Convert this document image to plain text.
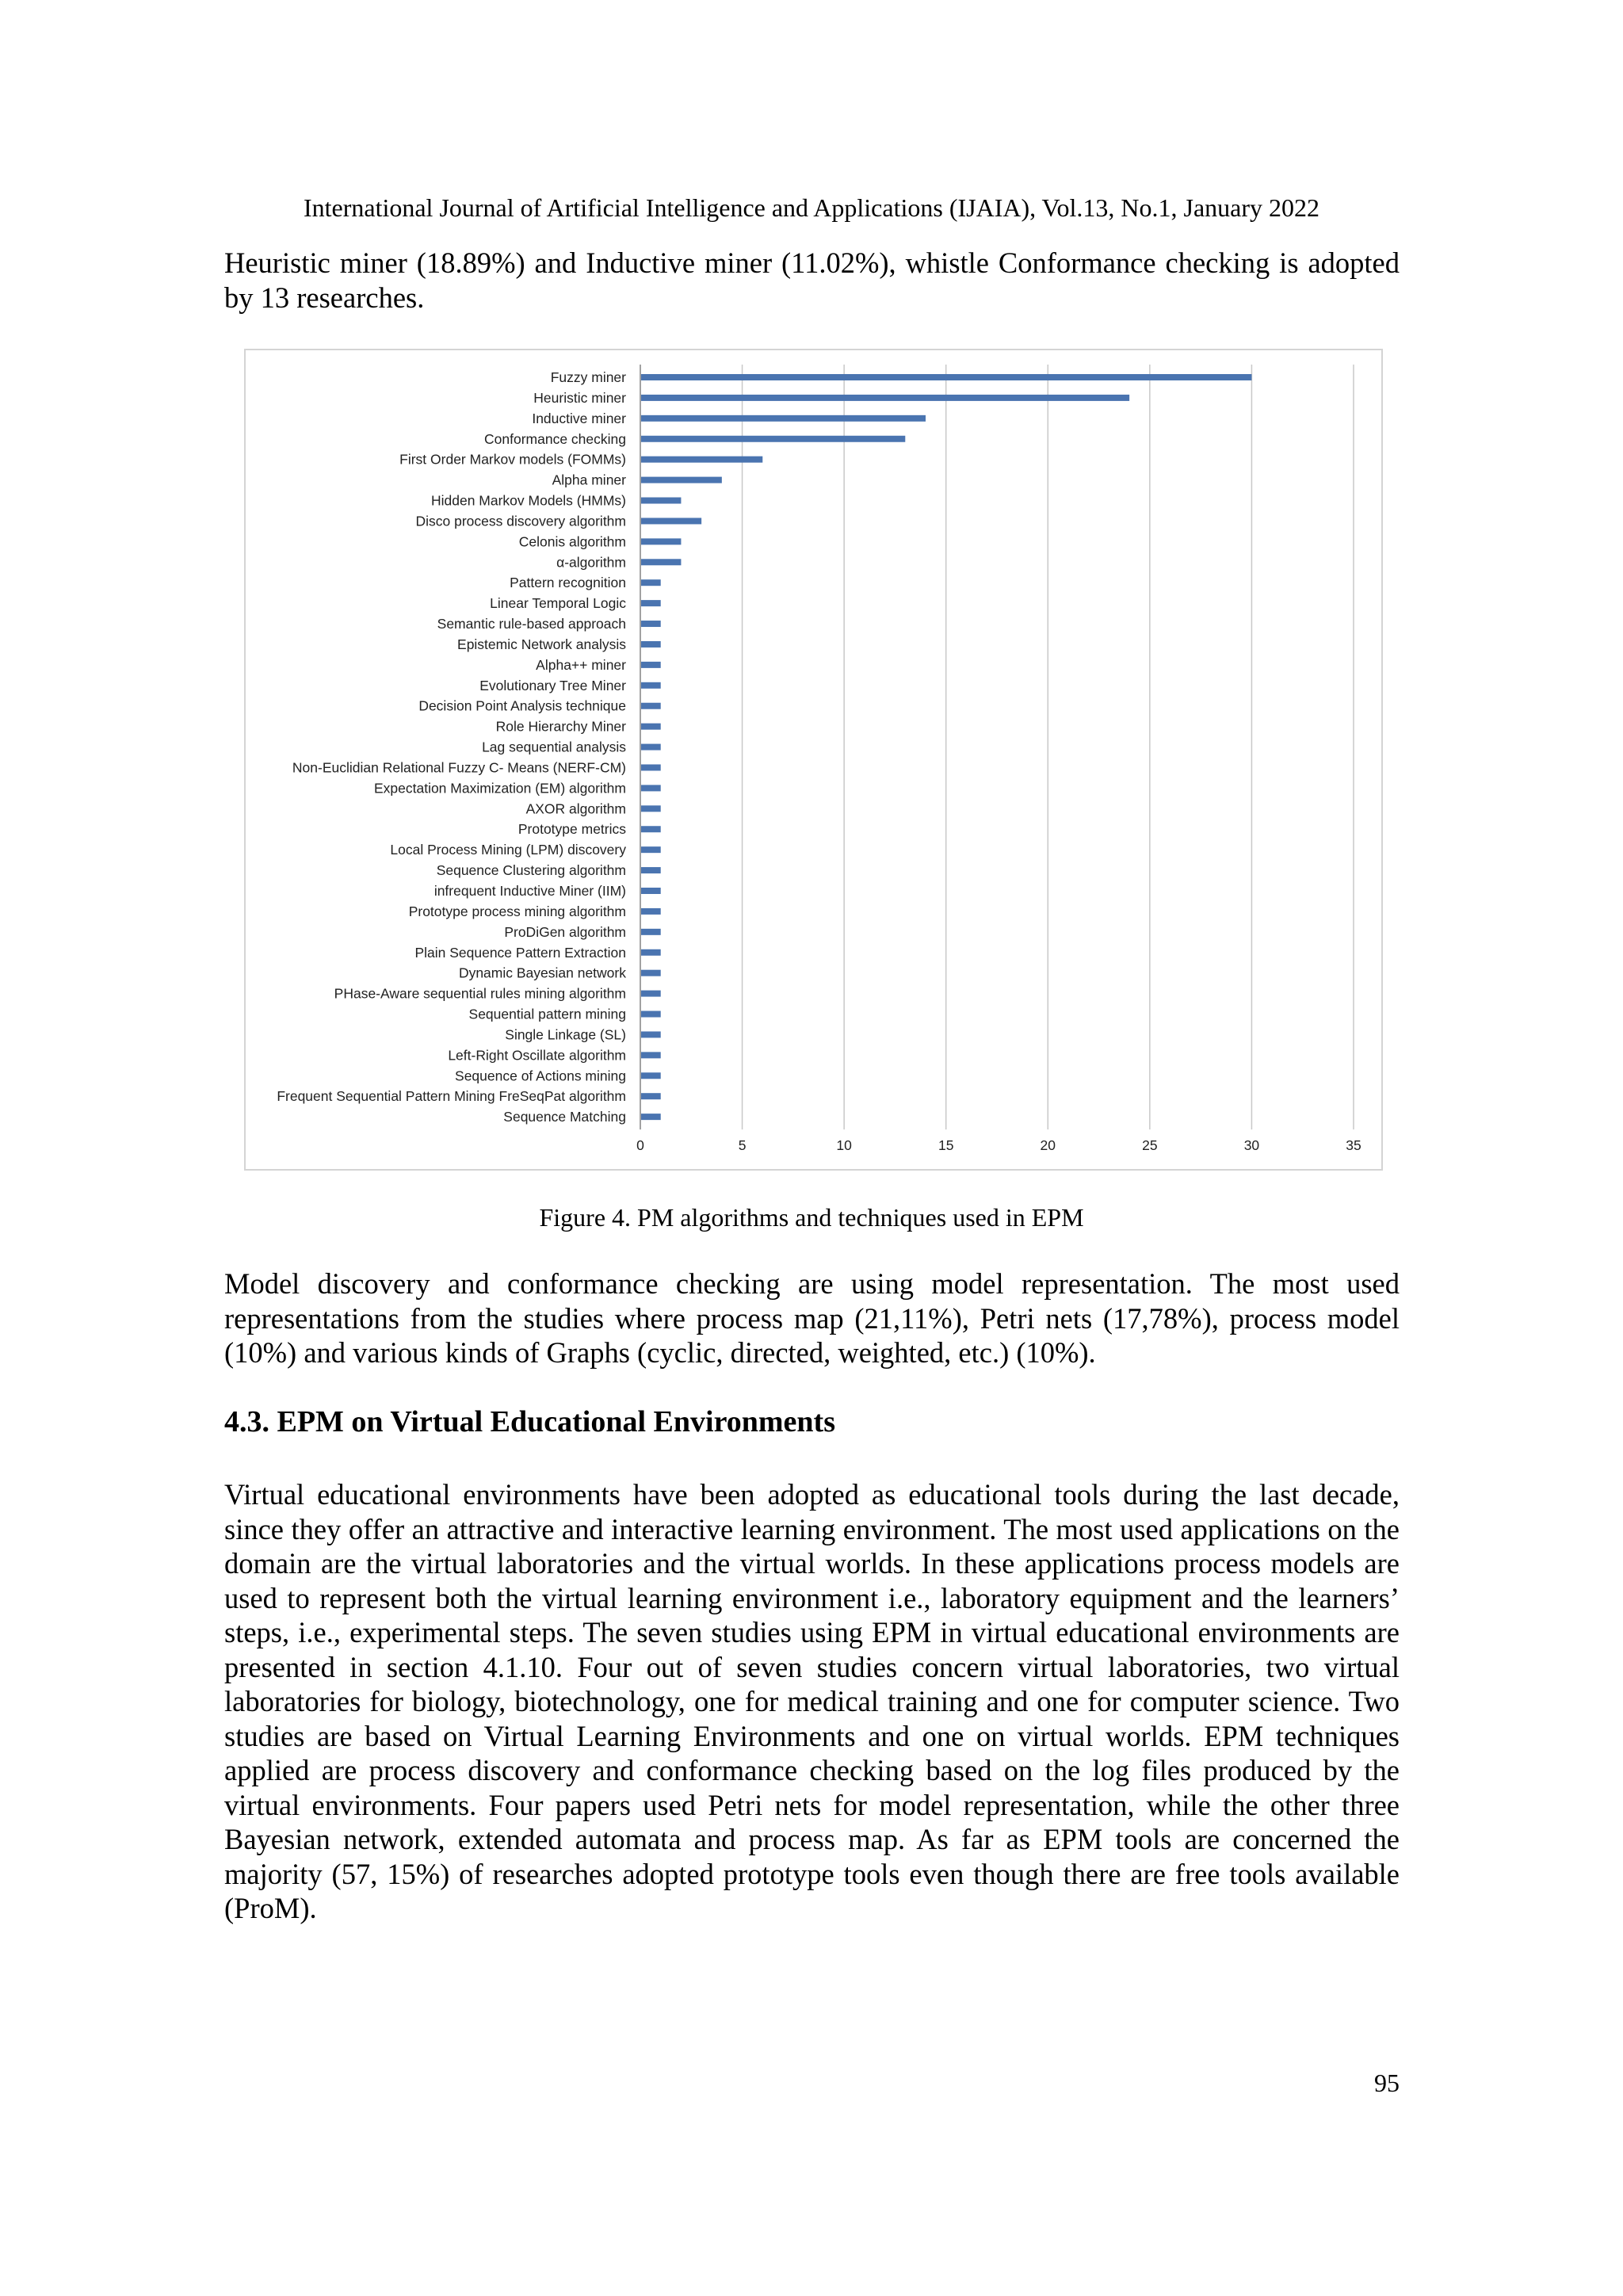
International Journal of Artificial Intelligence and Applications (IJAIA), Vol.13, No.1, January 2022
Heuristic miner (18.89%) and Inductive miner (11.02%), whistle Conformance checking is adopted by 13 researches.
0	5	10	15	20	25	30	35
Fuzzy miner
Heuristic miner
Inductive miner
Conformance checking
First Order Markov models (FOMMs)
Alpha miner
Hidden Markov Models (HMMs)
Disco process discovery algorithm
Celonis algorithm
α-algorithm
Pattern recognition
Linear Temporal Logic
Semantic rule-based approach
Epistemic Network analysis
Alpha++ miner
Evolutionary Tree Miner
Decision Point Analysis technique
Role Hierarchy Miner
Lag sequential analysis
Non-Euclidian Relational Fuzzy C- Means (NERF-CM)
Expectation Maximization (EM) algorithm
AXOR algorithm
Prototype metrics
Local Process Mining (LPM) discovery
Sequence Clustering algorithm
infrequent Inductive Miner (IIM)
Prototype process mining algorithm
ProDiGen algorithm
Plain Sequence Pattern Extraction
Dynamic Bayesian network
PHase-Aware sequential rules mining algorithm
Sequential pattern mining
Single Linkage (SL)
Left-Right Oscillate algorithm
Sequence of Actions mining
Frequent Sequential Pattern Mining FreSeqPat algorithm
Sequence Matching
Figure 4. PM algorithms and techniques used in EPM
Model discovery and conformance checking are using model representation. The most used representations from the studies where process map (21,11%), Petri nets (17,78%), process model (10%) and various kinds of Graphs (cyclic, directed, weighted, etc.) (10%).
4.3. EPM on Virtual Educational Environments
Virtual educational environments have been adopted as educational tools during the last decade, since they offer an attractive and interactive learning environment. The most used applications on the domain are the virtual laboratories and the virtual worlds. In these applications process models are used to represent both the virtual learning environment i.e., laboratory equipment and the learners’ steps, i.e., experimental steps. The seven studies using EPM in virtual educational environments are presented in section 4.1.10. Four out of seven studies concern virtual laboratories, two virtual laboratories for biology, biotechnology, one for medical training and one for computer science. Two studies are based on Virtual Learning Environments and one on virtual worlds. EPM techniques applied are process discovery and conformance checking based on the log files produced by the virtual environments. Four papers used Petri nets for model representation, while the other three Bayesian network, extended automata and process map. As far as EPM tools are concerned the majority (57, 15%) of researches adopted prototype tools even though there are free tools available (ProM).
95
